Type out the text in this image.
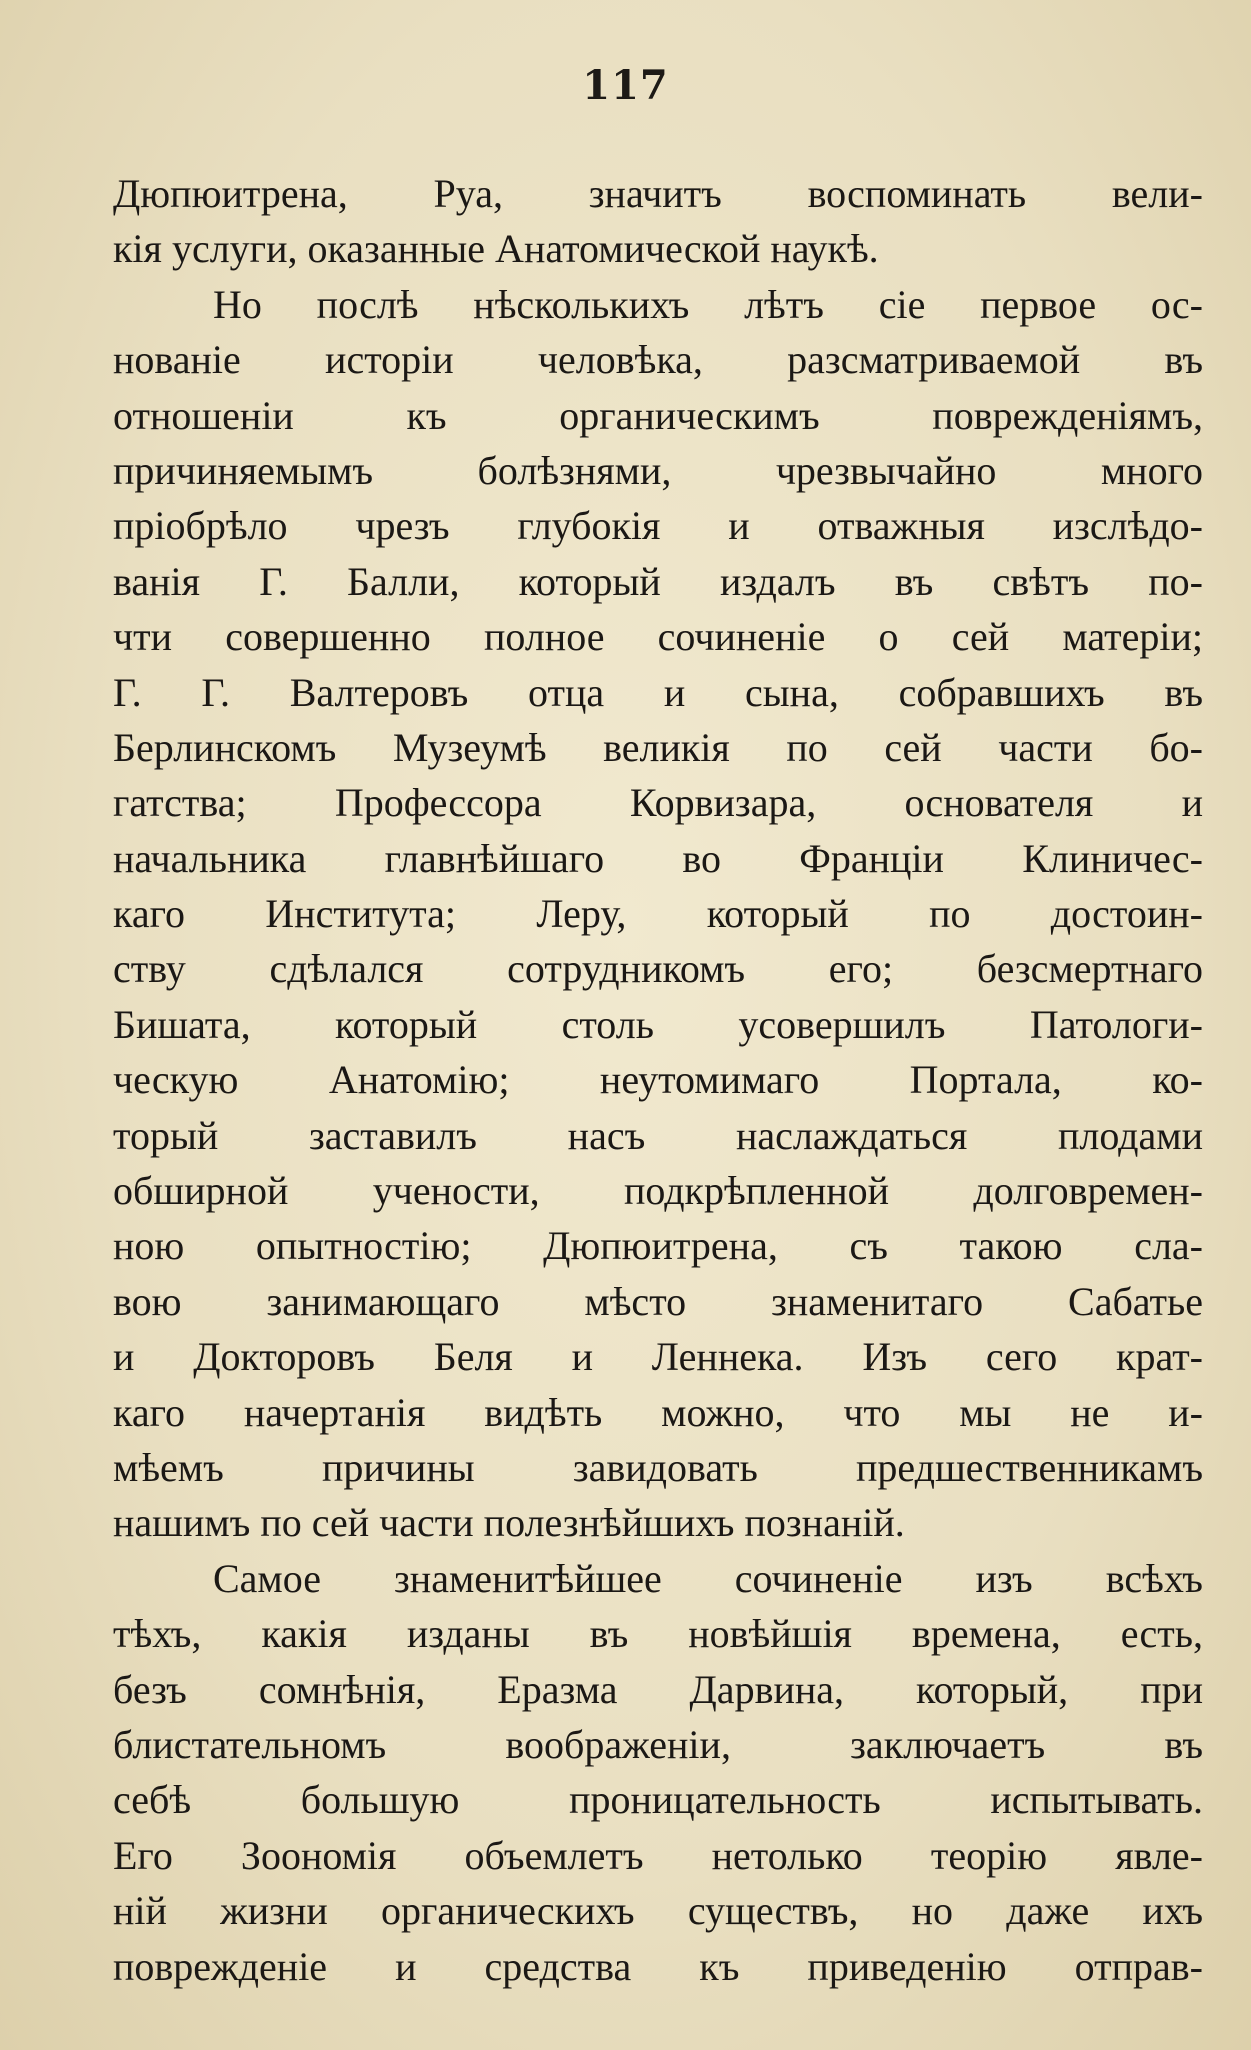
117
Дюпюитрена, Руа, значитъ воспоминать вели-
кія услуги, оказанные Анатомической наукѣ.
Но послѣ нѣсколькихъ лѣтъ сіе первое ос-
нованіе исторіи человѣка, разсматриваемой въ
отношеніи къ органическимъ поврежденіямъ,
причиняемымъ болѣзнями, чрезвычайно много
пріобрѣло чрезъ глубокія и отважныя изслѣдо-
ванія Г. Балли, который издалъ въ свѣтъ по-
чти совершенно полное сочиненіе о сей матеріи;
Г. Г. Валтеровъ отца и сына, собравшихъ въ
Берлинскомъ Музеумѣ великія по сей части бо-
гатства; Профессора Корвизара, основателя и
начальника главнѣйшаго во Франціи Клиничес-
каго Института; Леру, который по достоин-
ству сдѣлался сотрудникомъ его; безсмертнаго
Бишата, который столь усовершилъ Патологи-
ческую Анатомію; неутомимаго Портала, ко-
торый заставилъ насъ наслаждаться плодами
обширной учености, подкрѣпленной долговремен-
ною опытностію; Дюпюитрена, съ такою сла-
вою занимающаго мѣсто знаменитаго Сабатье
и Докторовъ Беля и Леннека. Изъ сего крат-
каго начертанія видѣть можно, что мы не и-
мѣемъ причины завидовать предшественникамъ
нашимъ по сей части полезнѣйшихъ познаній.
Самое знаменитѣйшее сочиненіе изъ всѣхъ
тѣхъ, какія изданы въ новѣйшія времена, есть,
безъ сомнѣнія, Еразма Дарвина, который, при
блистательномъ воображеніи, заключаетъ въ
себѣ большую проницательность испытывать.
Его Зоономія объемлетъ нетолько теорію явле-
ній жизни органическихъ существъ, но даже ихъ
поврежденіе и средства къ приведенію отправ-
